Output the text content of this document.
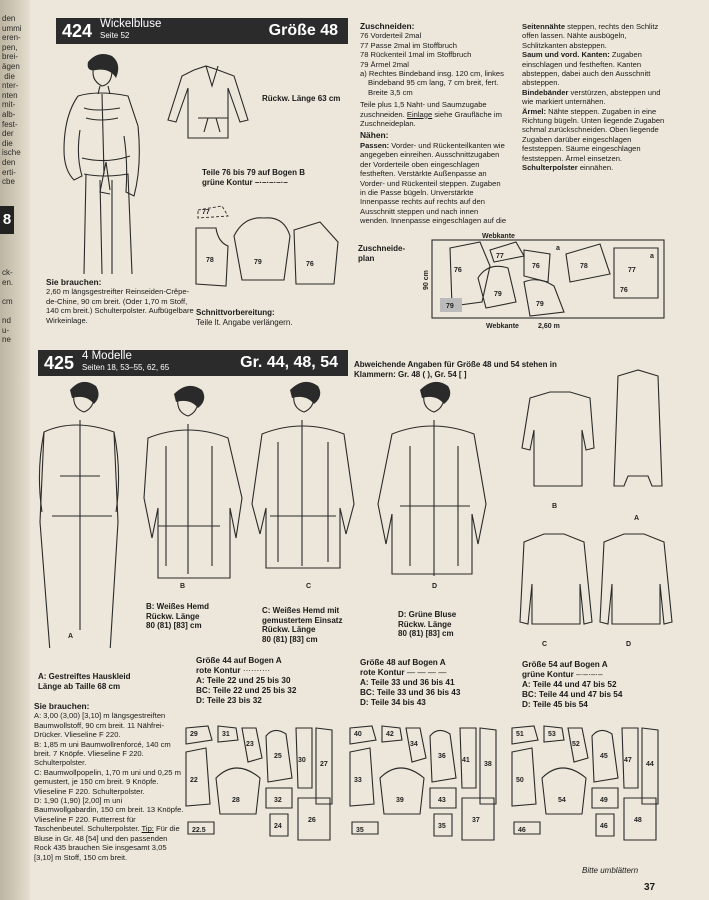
den
ummi
eren-
pen,
brei-
ägen
die
nter-
nten
mit-
alb-
fest-
der
die
ische
den
erti-
cbe
8
ck-
en.

cm

nd
u-
ne
424 Wickelbluse
Seite 52	Größe 48
Rückw. Länge 63 cm
Teile 76 bis 79 auf Bogen B
grüne Kontur –·–·–·–·–
77
78	79	76
Sie brauchen:
2,60 m längsgestreifter Reinseiden-Crêpe-de-Chine, 90 cm breit. (Oder 1,70 m Stoff, 140 cm breit.) Schulterpolster. Aufbügelbare Wirkeinlage.
Schnittvorbereitung:
Teile lt. Angabe verlängern.
Zuschneiden:
76 Vorderteil 2mal
77 Passe 2mal im Stoffbruch
78 Rückenteil 1mal im Stoffbruch
79 Ärmel 2mal
a) Rechtes Bindeband insg. 120 cm, linkes Bindeband 95 cm lang, 7 cm breit, fert. Breite 3,5 cm
Teile plus 1,5 Naht- und Saumzugabe zuschneiden. Einlage siehe Graufläche im Zuschneideplan.
Nähen:
Passen: Vorder- und Rückenteilkanten wie angegeben einreihen. Ausschnittzugaben der Vorderteile oben eingeschlagen festheften. Verstärkte Außenpasse an Vorder- und Rückenteil steppen. Zugaben in die Passe bügeln. Unverstärkte Innenpasse rechts auf rechts auf den Ausschnitt steppen und nach innen wenden. Innenpasse eingeschlagen auf die
Seitennähte steppen, rechts den Schlitz offen lassen. Nähte ausbügeln, Schlitzkanten absteppen.
Saum und vord. Kanten: Zugaben einschlagen und festheften. Kanten absteppen, dabei auch den Ausschnitt absteppen.
Bindebänder verstürzen, absteppen und wie markiert unternähen.
Ärmel: Nähte steppen. Zugaben in eine Richtung bügeln. Unten liegende Zugaben schmal zurückschneiden. Oben liegende Zugaben darüber eingeschlagen feststeppen. Säume eingeschlagen feststeppen. Ärmel einsetzen.
Schulterpolster einnähen.
Zuschneide-
plan
Webkante
Webkante	2,60 m
90 cm	76
77
79
76
79
78
77
79
76
a
a
425 4 Modelle
Seiten 18, 53–55, 62, 65	Gr. 44, 48, 54 Abweichende Angaben für Größe 48 und 54 stehen in Klammern: Gr. 48 ( ), Gr. 54 [ ]
A
B	C	D
B
A
C	D
B: Weißes Hemd
Rückw. Länge
80 (81) [83] cm
C: Weißes Hemd mit
gemustertem Einsatz
Rückw. Länge
80 (81) [83] cm
D: Grüne Bluse
Rückw. Länge
80 (81) [83] cm
A: Gestreiftes Hauskleid
Länge ab Taille 68 cm
Sie brauchen:
A: 3,00 (3,00) [3,10] m längsgestreiften Baumwollstoff, 90 cm breit. 11 Nähfrei-Drücker. Vlieseline F 220.
B: 1,85 m uni Baumwollrenforcé, 140 cm breit. 7 Knöpfe. Vlieseline F 220. Schulterpolster.
C: Baumwollpopelin, 1,70 m uni und 0,25 m gemustert, je 150 cm breit. 9 Knöpfe. Vlieseline F 220. Schulterpolster.
D: 1,90 (1,90) [2,00] m uni Baumwollgabardin, 150 cm breit. 13 Knöpfe. Vlieseline F 220. Futterrest für Taschenbeutel. Schulterpolster. Tip: Für die Bluse in Gr. 48 [54] und den passenden Rock 435 brauchen Sie insgesamt 3,05 [3,10] m Stoff, 150 cm breit.
Größe 44 auf Bogen A
rote Kontur ··········
A: Teile 22 und 25 bis 30
BC: Teile 22 und 25 bis 32
D: Teile 23 bis 32
Größe 48 auf Bogen A
rote Kontur — — — —
A: Teile 33 und 36 bis 41
BC: Teile 33 und 36 bis 43
D: Teile 34 bis 43
Größe 54 auf Bogen A
grüne Kontur –·–·–·–
A: Teile 44 und 47 bis 52
BC: Teile 44 und 47 bis 54
D: Teile 45 bis 54
29	31
23
25
30
27
22
28	32
24
26
22.5
40	42
34
36
41
38
33
39	43
35
37
35
51	53
52
45
47
44
50
54	49
46
48
46
Bitte umblättern
37
